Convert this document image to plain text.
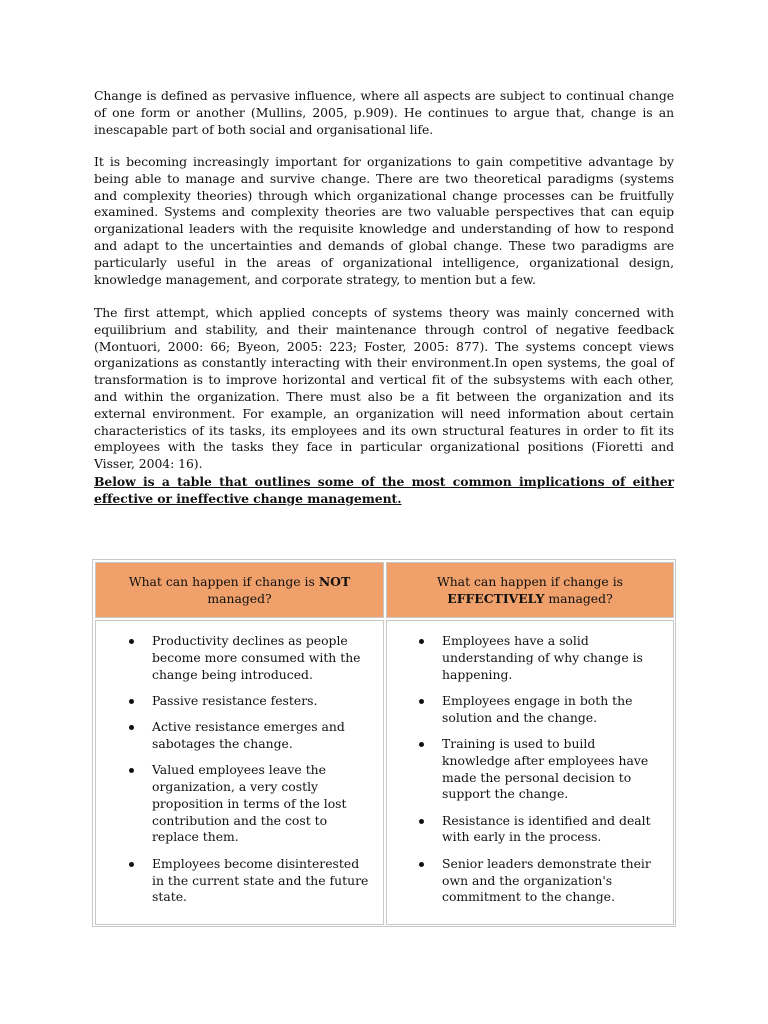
Change is defined as pervasive influence, where all aspects are subject to continual change of one form or another (Mullins, 2005, p.909). He continues to argue that, change is an inescapable part of both social and organisational life.

It is becoming increasingly important for organizations to gain competitive advantage by being able to manage and survive change. There are two theoretical paradigms (systems and complexity theories) through which organizational change processes can be fruitfully examined. Systems and complexity theories are two valuable perspectives that can equip organizational leaders with the requisite knowledge and understanding of how to respond and adapt to the uncertainties and demands of global change. These two paradigms are particularly useful in the areas of organizational intelligence, organizational design, knowledge management, and corporate strategy, to mention but a few.

The first attempt, which applied concepts of systems theory was mainly concerned with equilibrium and stability, and their maintenance through control of negative feedback (Montuori, 2000: 66; Byeon, 2005: 223; Foster, 2005: 877). The systems concept views organizations as constantly interacting with their environment.In open systems, the goal of transformation is to improve horizontal and vertical fit of the subsystems with each other, and within the organization. There must also be a fit between the organization and its external environment. For example, an organization will need information about certain characteristics of its tasks, its employees and its own structural features in order to fit its employees with the tasks they face in particular organizational positions (Fioretti and Visser, 2004: 16).

Below is a table that outlines some of the most common implications of either effective or ineffective change management.

What can happen if change is NOT managed?
What can happen if change is EFFECTIVELY managed?
Productivity declines as people become more consumed with the change being introduced.
Passive resistance festers.
Active resistance emerges and sabotages the change.
Valued employees leave the organization, a very costly proposition in terms of the lost contribution and the cost to replace them.
Employees become disinterested in the current state and the future state.
Employees have a solid understanding of why change is happening.
Employees engage in both the solution and the change.
Training is used to build knowledge after employees have made the personal decision to support the change.
Resistance is identified and dealt with early in the process.
Senior leaders demonstrate their own and the organization's commitment to the change.
